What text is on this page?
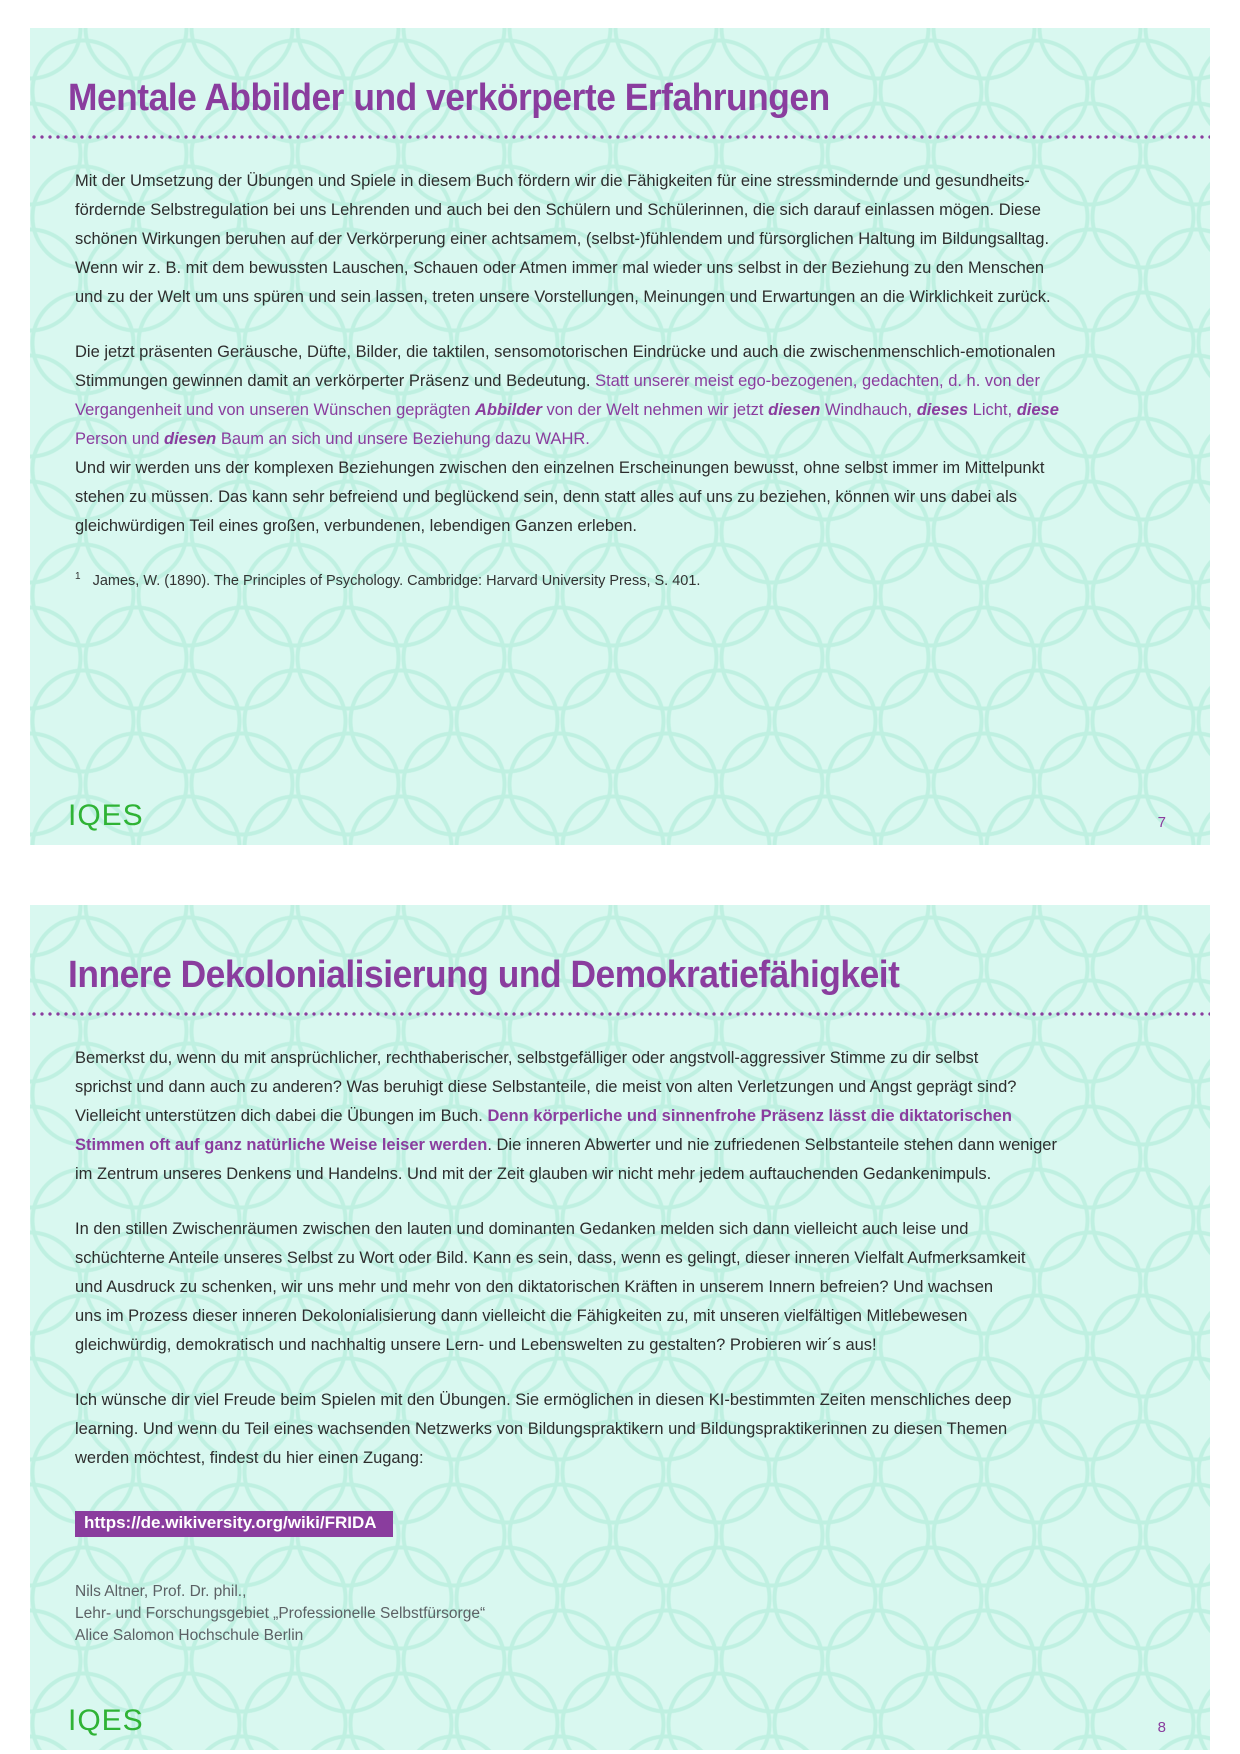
Mentale Abbilder und verkörperte Erfahrungen

Mit der Umsetzung der Übungen und Spiele in diesem Buch fördern wir die Fähigkeiten für eine stressmindernde und gesundheits-
fördernde Selbstregulation bei uns Lehrenden und auch bei den Schülern und Schülerinnen, die sich darauf einlassen mögen. Diese
schönen Wirkungen beruhen auf der Verkörperung einer achtsamem, (selbst-)fühlendem und fürsorglichen Haltung im Bildungsalltag.
Wenn wir z. B. mit dem bewussten Lauschen, Schauen oder Atmen immer mal wieder uns selbst in der Beziehung zu den Menschen
und zu der Welt um uns spüren und sein lassen, treten unsere Vorstellungen, Meinungen und Erwartungen an die Wirklichkeit zurück.

Die jetzt präsenten Geräusche, Düfte, Bilder, die taktilen, sensomotorischen Eindrücke und auch die zwischenmenschlich-emotionalen
Stimmungen gewinnen damit an verkörperter Präsenz und Bedeutung. Statt unserer meist ego-bezogenen, gedachten, d. h. von der
Vergangenheit und von unseren Wünschen geprägten Abbilder von der Welt nehmen wir jetzt diesen Windhauch, dieses Licht, diese
Person und diesen Baum an sich und unsere Beziehung dazu WAHR.
Und wir werden uns der komplexen Beziehungen zwischen den einzelnen Erscheinungen bewusst, ohne selbst immer im Mittelpunkt
stehen zu müssen. Das kann sehr befreiend und beglückend sein, denn statt alles auf uns zu beziehen, können wir uns dabei als
gleichwürdigen Teil eines großen, verbundenen, lebendigen Ganzen erleben.

$^1$ James, W. (1890). The Principles of Psychology. Cambridge: Harvard University Press, S. 401.
IQES	7
Innere Dekolonialisierung und Demokratiefähigkeit

Bemerkst du, wenn du mit ansprüchlicher, rechthaberischer, selbstgefälliger oder angstvoll-aggressiver Stimme zu dir selbst
sprichst und dann auch zu anderen? Was beruhigt diese Selbstanteile, die meist von alten Verletzungen und Angst geprägt sind?
Vielleicht unterstützen dich dabei die Übungen im Buch. Denn körperliche und sinnenfrohe Präsenz lässt die diktatorischen
Stimmen oft auf ganz natürliche Weise leiser werden. Die inneren Abwerter und nie zufriedenen Selbstanteile stehen dann weniger
im Zentrum unseres Denkens und Handelns. Und mit der Zeit glauben wir nicht mehr jedem auftauchenden Gedankenimpuls.

In den stillen Zwischenräumen zwischen den lauten und dominanten Gedanken melden sich dann vielleicht auch leise und
schüchterne Anteile unseres Selbst zu Wort oder Bild. Kann es sein, dass, wenn es gelingt, dieser inneren Vielfalt Aufmerksamkeit
und Ausdruck zu schenken, wir uns mehr und mehr von den diktatorischen Kräften in unserem Innern befreien? Und wachsen
uns im Prozess dieser inneren Dekolonialisierung dann vielleicht die Fähigkeiten zu, mit unseren vielfältigen Mitlebewesen
gleichwürdig, demokratisch und nachhaltig unsere Lern- und Lebenswelten zu gestalten? Probieren wir´s aus!

Ich wünsche dir viel Freude beim Spielen mit den Übungen. Sie ermöglichen in diesen KI-bestimmten Zeiten menschliches deep
learning. Und wenn du Teil eines wachsenden Netzwerks von Bildungspraktikern und Bildungspraktikerinnen zu diesen Themen
werden möchtest, findest du hier einen Zugang:

https://de.wikiversity.org/wiki/FRIDA
Nils Altner, Prof. Dr. phil.,
Lehr- und Forschungsgebiet „Professionelle Selbstfürsorge“
Alice Salomon Hochschule Berlin
IQES	8
